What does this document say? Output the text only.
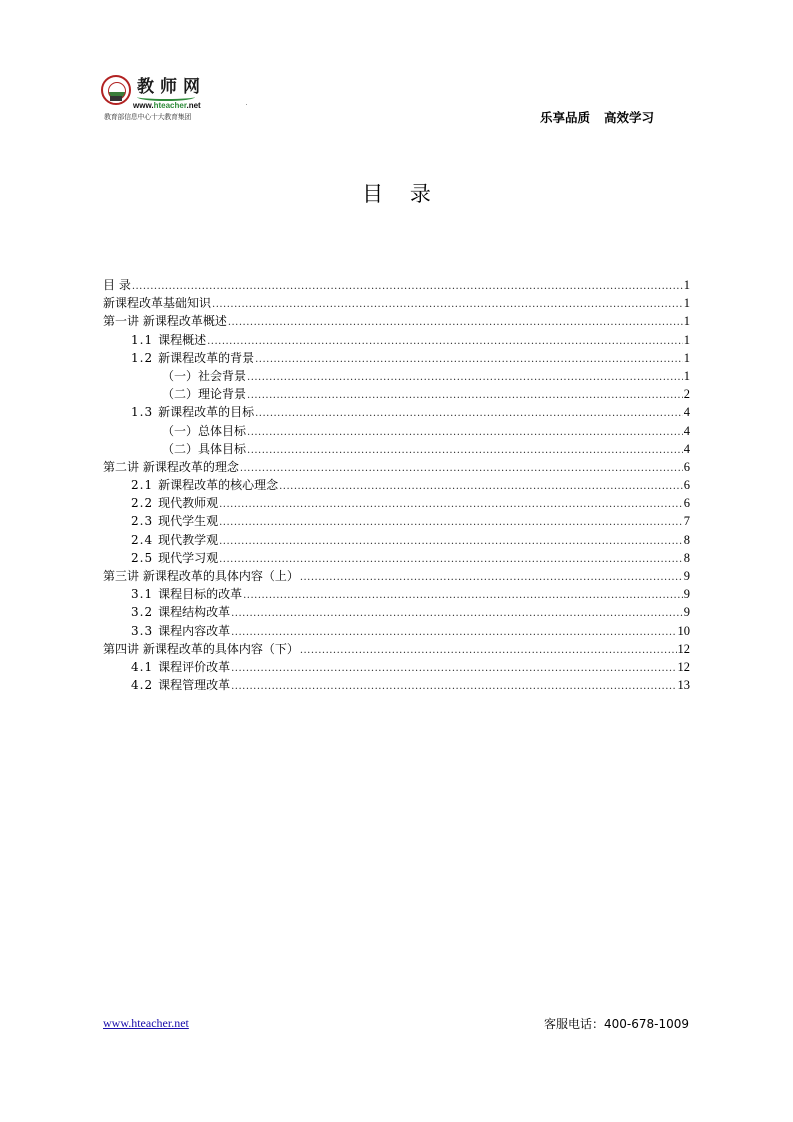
教师网
www.hteacher.net
教育部信息中心十大教育集团	乐享品质 高效学习
目 录
目 录 .....	1
新课程改革基础知识 .....	1
第一讲 新课程改革概述 .....	1
1.1 课程概述 .....	1
1.2 新课程改革的背景 .....	1
（一）社会背景 .....	1
（二）理论背景 .....	2
1.3 新课程改革的目标 .....	4
（一）总体目标 .....	4
（二）具体目标 .....	4
第二讲 新课程改革的理念 .....	6
2.1 新课程改革的核心理念 .....	6
2.2 现代教师观 .....	6
2.3 现代学生观 .....	7
2.4 现代教学观 .....	8
2.5 现代学习观 .....	8
第三讲 新课程改革的具体内容（上） .....	9
3.1 课程目标的改革 .....	9
3.2 课程结构改革 .....	9
3.3 课程内容改革 .....	10
第四讲 新课程改革的具体内容（下） .....	12
4.1 课程评价改革 .....	12
4.2 课程管理改革 .....	13
www.hteacher.net	客服电话：400-678-1009
